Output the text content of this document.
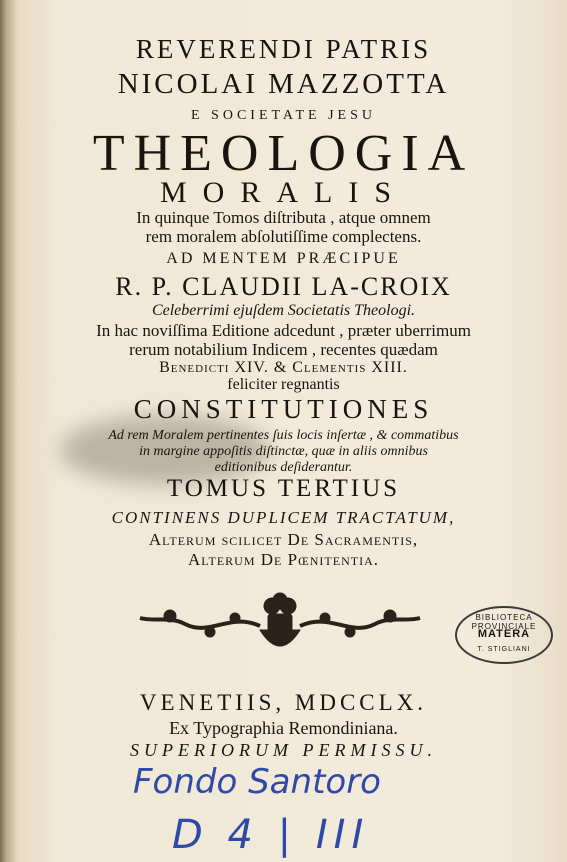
REVERENDI PATRIS
NICOLAI MAZZOTTA
E SOCIETATE JESU
THEOLOGIA
MORALIS
In quinque Tomos diſtributa , atque omnem
rem moralem abſolutiſſime complectens.
AD MENTEM PRÆCIPUE
R. P. CLAUDII LA-CROIX
Celeberrimi ejuſdem Societatis Theologi.
In hac noviſſima Editione adcedunt , præter uberrimum
rerum notabilium Indicem , recentes quædam
Benedicti XIV. & Clementis XIII.
feliciter regnantis
CONSTITUTIONES
Ad rem Moralem pertinentes ſuis locis inſertæ , & commatibus
in margine appoſitis diſtinctæ, quæ in aliis omnibus
editionibus deſiderantur.
TOMUS TERTIUS
CONTINENS DUPLICEM TRACTATUM,
Alterum ſcilicet De Sacramentis,
Alterum De Pœnitentia.
BIBLIOTECA PROVINCIALE
MATERA
T. STIGLIANI
VENETIIS, MDCCLX.
Ex Typographia Remondiniana.
SUPERIORUM PERMISSU.
Fondo Santoro
D 4 | III
